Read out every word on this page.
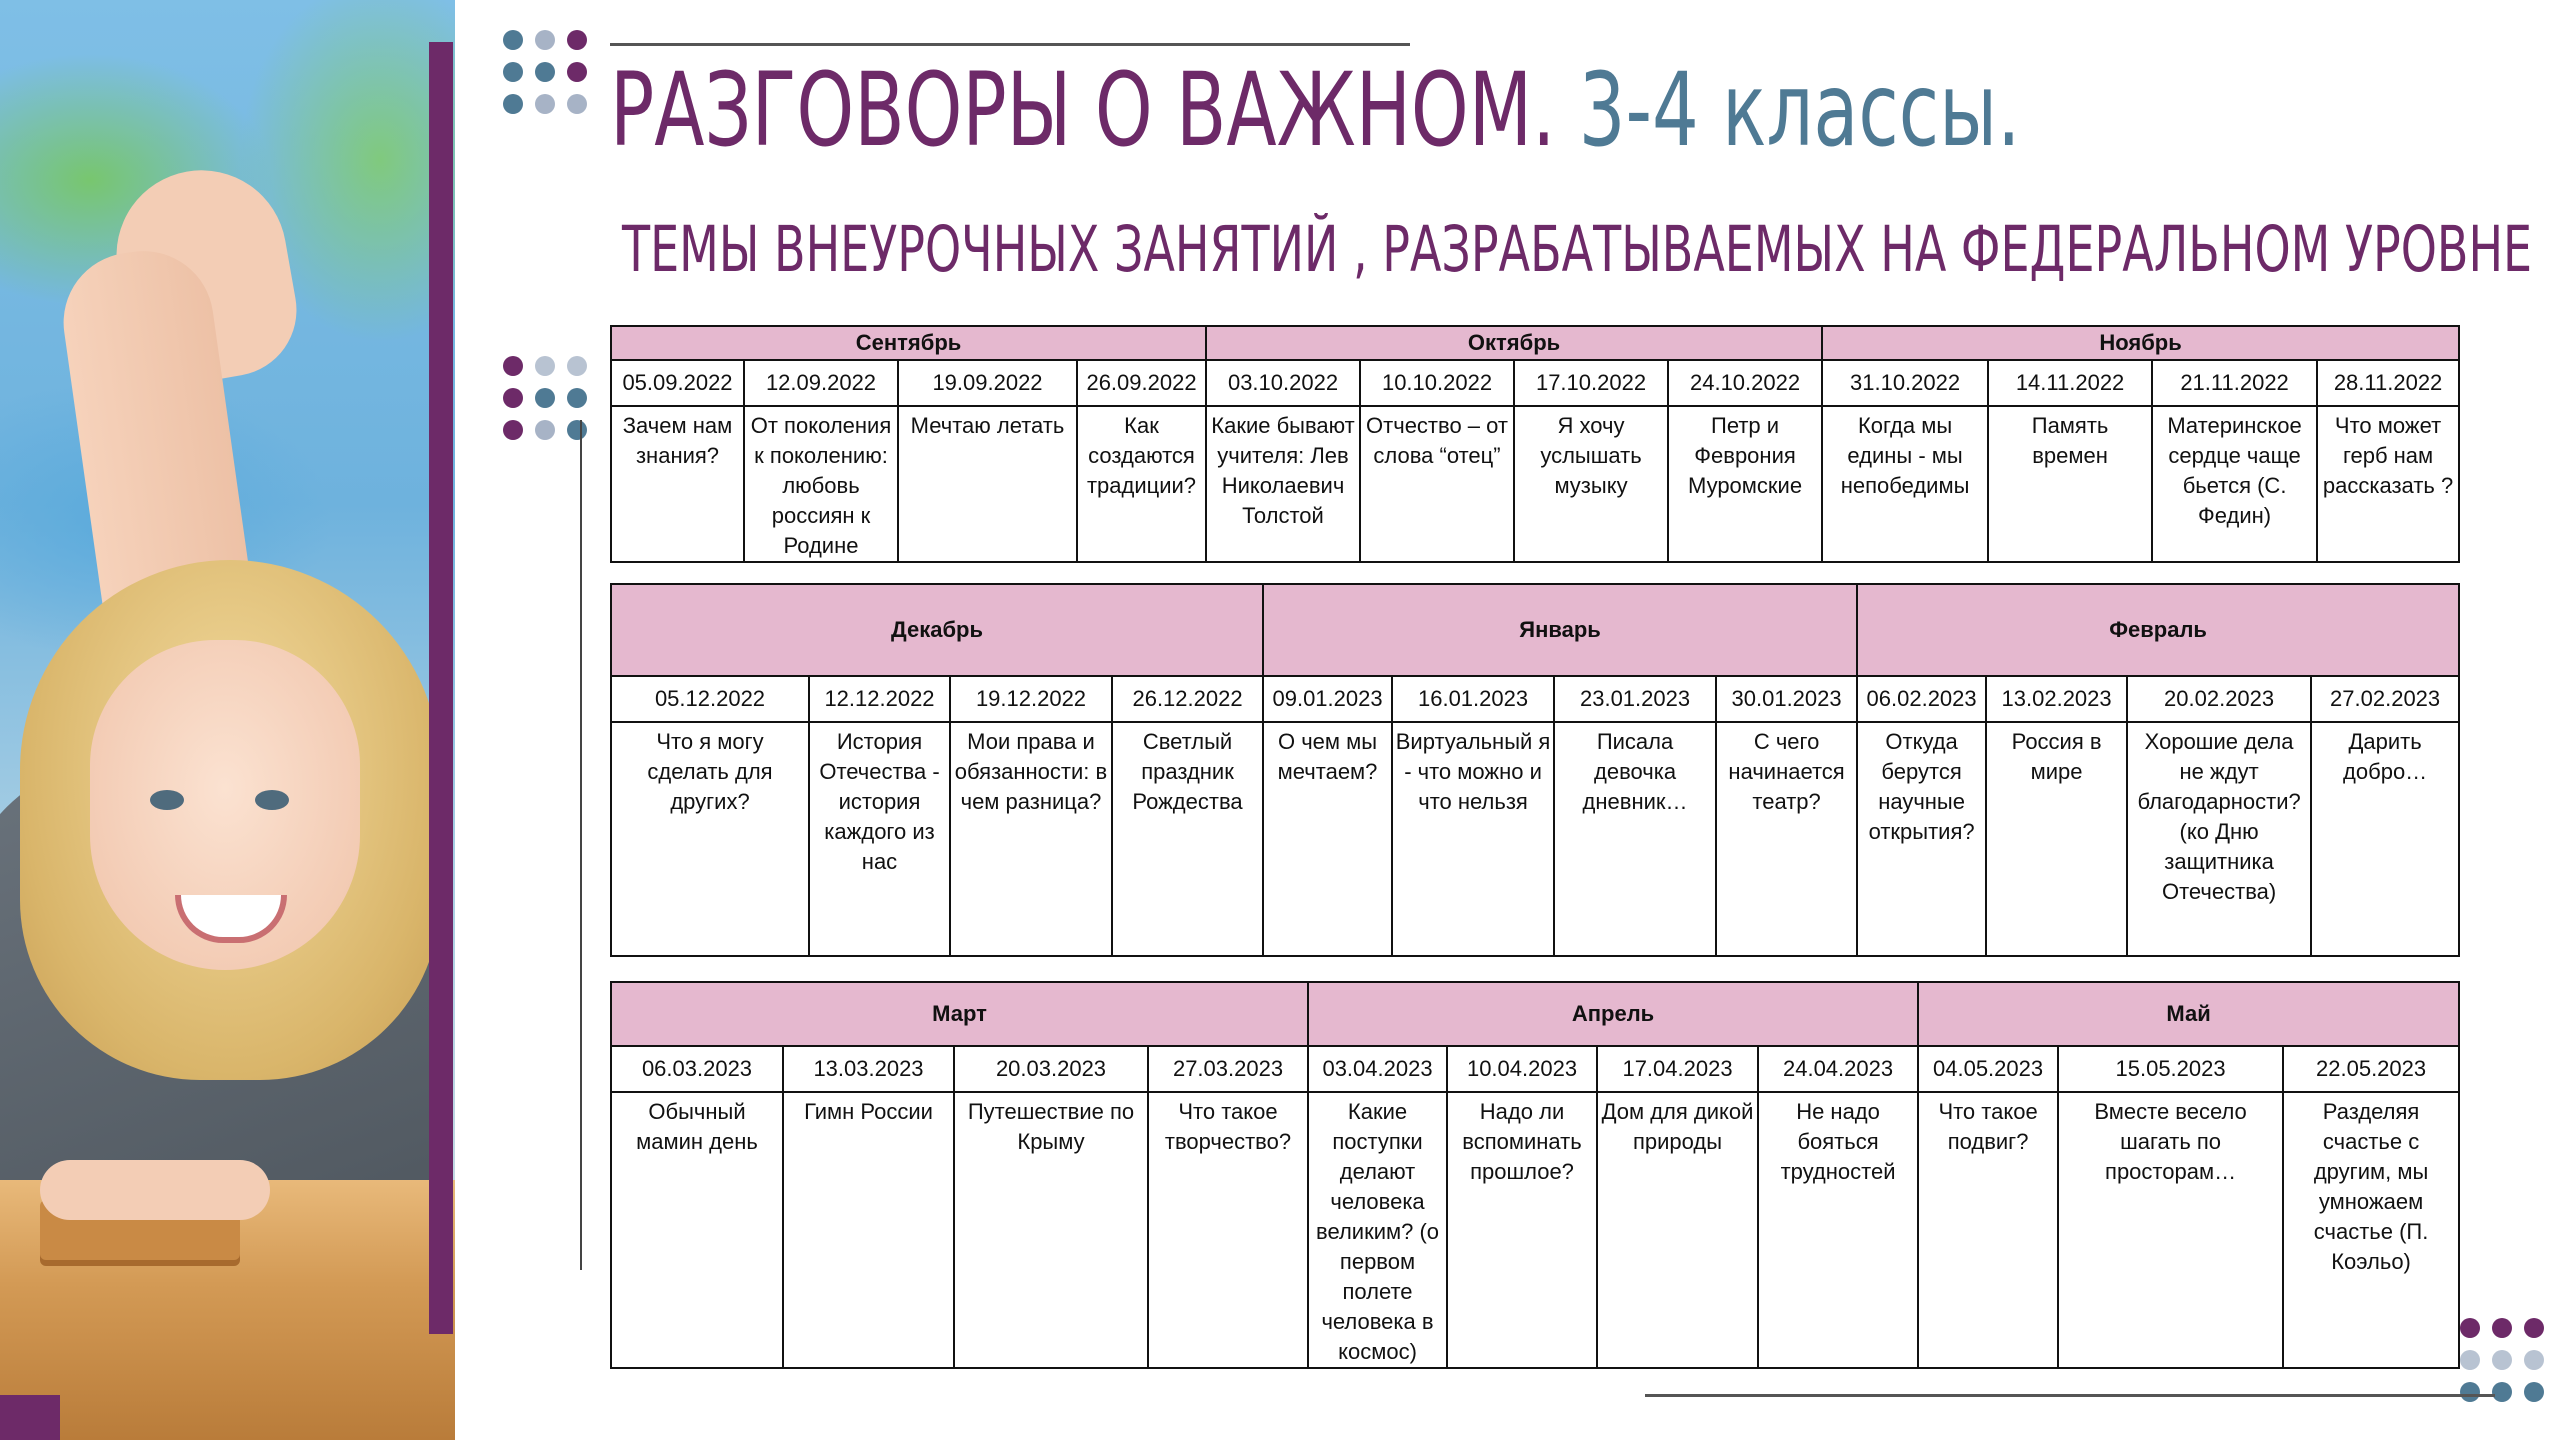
РАЗГОВОРЫ О ВАЖНОМ. 3-4 классы.
ТЕМЫ ВНЕУРОЧНЫХ ЗАНЯТИЙ , РАЗРАБАТЫВАЕМЫХ НА ФЕДЕРАЛЬНОМ УРОВНЕ
Сентябрь				Октябрь				Ноябрь			
05.09.2022	12.09.2022	19.09.2022	26.09.2022	03.10.2022	10.10.2022	17.10.2022	24.10.2022	31.10.2022	14.11.2022	21.11.2022	28.11.2022
Зачем нам знания?	От поколения к поколению: любовь россиян к Родине	Мечтаю летать	Как создаются традиции?	Какие бывают учителя: Лев Николаевич Толстой	Отчество – от слова “отец”	Я хочу услышать музыку	Петр и Феврония Муромские	Когда мы едины - мы непобедимы	Память времен	Материнское сердце чаще бьется (С. Федин)	Что может герб нам рассказать ?
Декабрь				Январь				Февраль			
05.12.2022	12.12.2022	19.12.2022	26.12.2022	09.01.2023	16.01.2023	23.01.2023	30.01.2023	06.02.2023	13.02.2023	20.02.2023	27.02.2023
Что я могу сделать для других?	История Отечества - история каждого из нас	Мои права и обязанности: в чем разница?	Светлый праздник Рождества	О чем мы мечтаем?	Виртуальный я - что можно и что нельзя	Писала девочка дневник…	С чего начинается театр?	Откуда берутся научные открытия?	Россия в мире	Хорошие дела не ждут благодарности? (ко Дню защитника Отечества)	Дарить добро…
Март				Апрель				Май		
06.03.2023	13.03.2023	20.03.2023	27.03.2023	03.04.2023	10.04.2023	17.04.2023	24.04.2023	04.05.2023	15.05.2023	22.05.2023
Обычный мамин день	Гимн России	Путешествие по Крыму	Что такое творчество?	Какие поступки делают человека великим? (о первом полете человека в космос)	Надо ли вспоминать прошлое?	Дом для дикой природы	Не надо бояться трудностей	Что такое подвиг?	Вместе весело шагать по просторам…	Разделяя счастье с другим, мы умножаем счастье (П. Коэльо)
